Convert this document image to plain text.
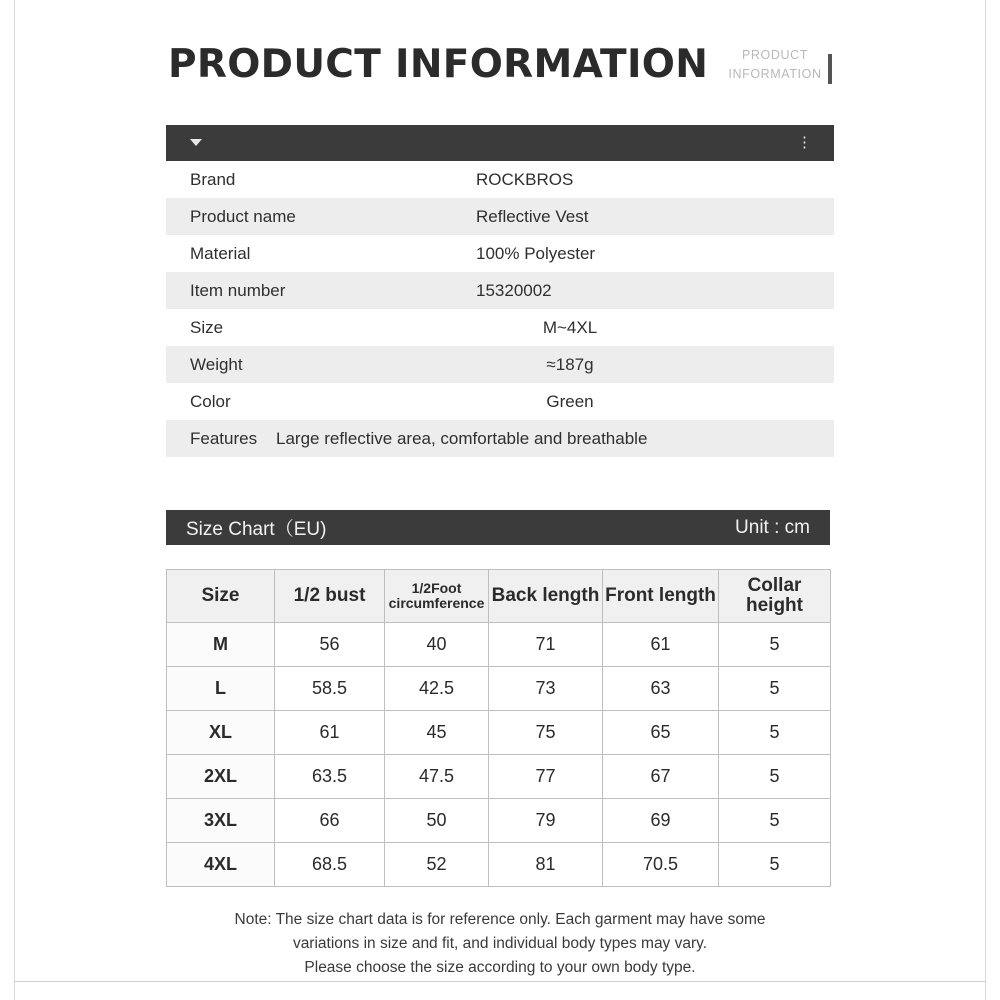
PRODUCT INFORMATION	PRODUCT
INFORMATION
⋮
Brand	ROCKBROS
Product name	Reflective Vest
Material	100% Polyester
Item number	15320002
Size	M~4XL
Weight	≈187g
Color	Green
Features	Large reflective area, comfortable and breathable
Size Chart（EU)	Unit : cm
Size	1/2 bust	1/2Foot circumference	Back length	Front length	Collar height
M	56	40	71	61	5
L	58.5	42.5	73	63	5
XL	61	45	75	65	5
2XL	63.5	47.5	77	67	5
3XL	66	50	79	69	5
4XL	68.5	52	81	70.5	5
Note: The size chart data is for reference only. Each garment may have some
variations in size and fit, and individual body types may vary.
Please choose the size according to your own body type.
